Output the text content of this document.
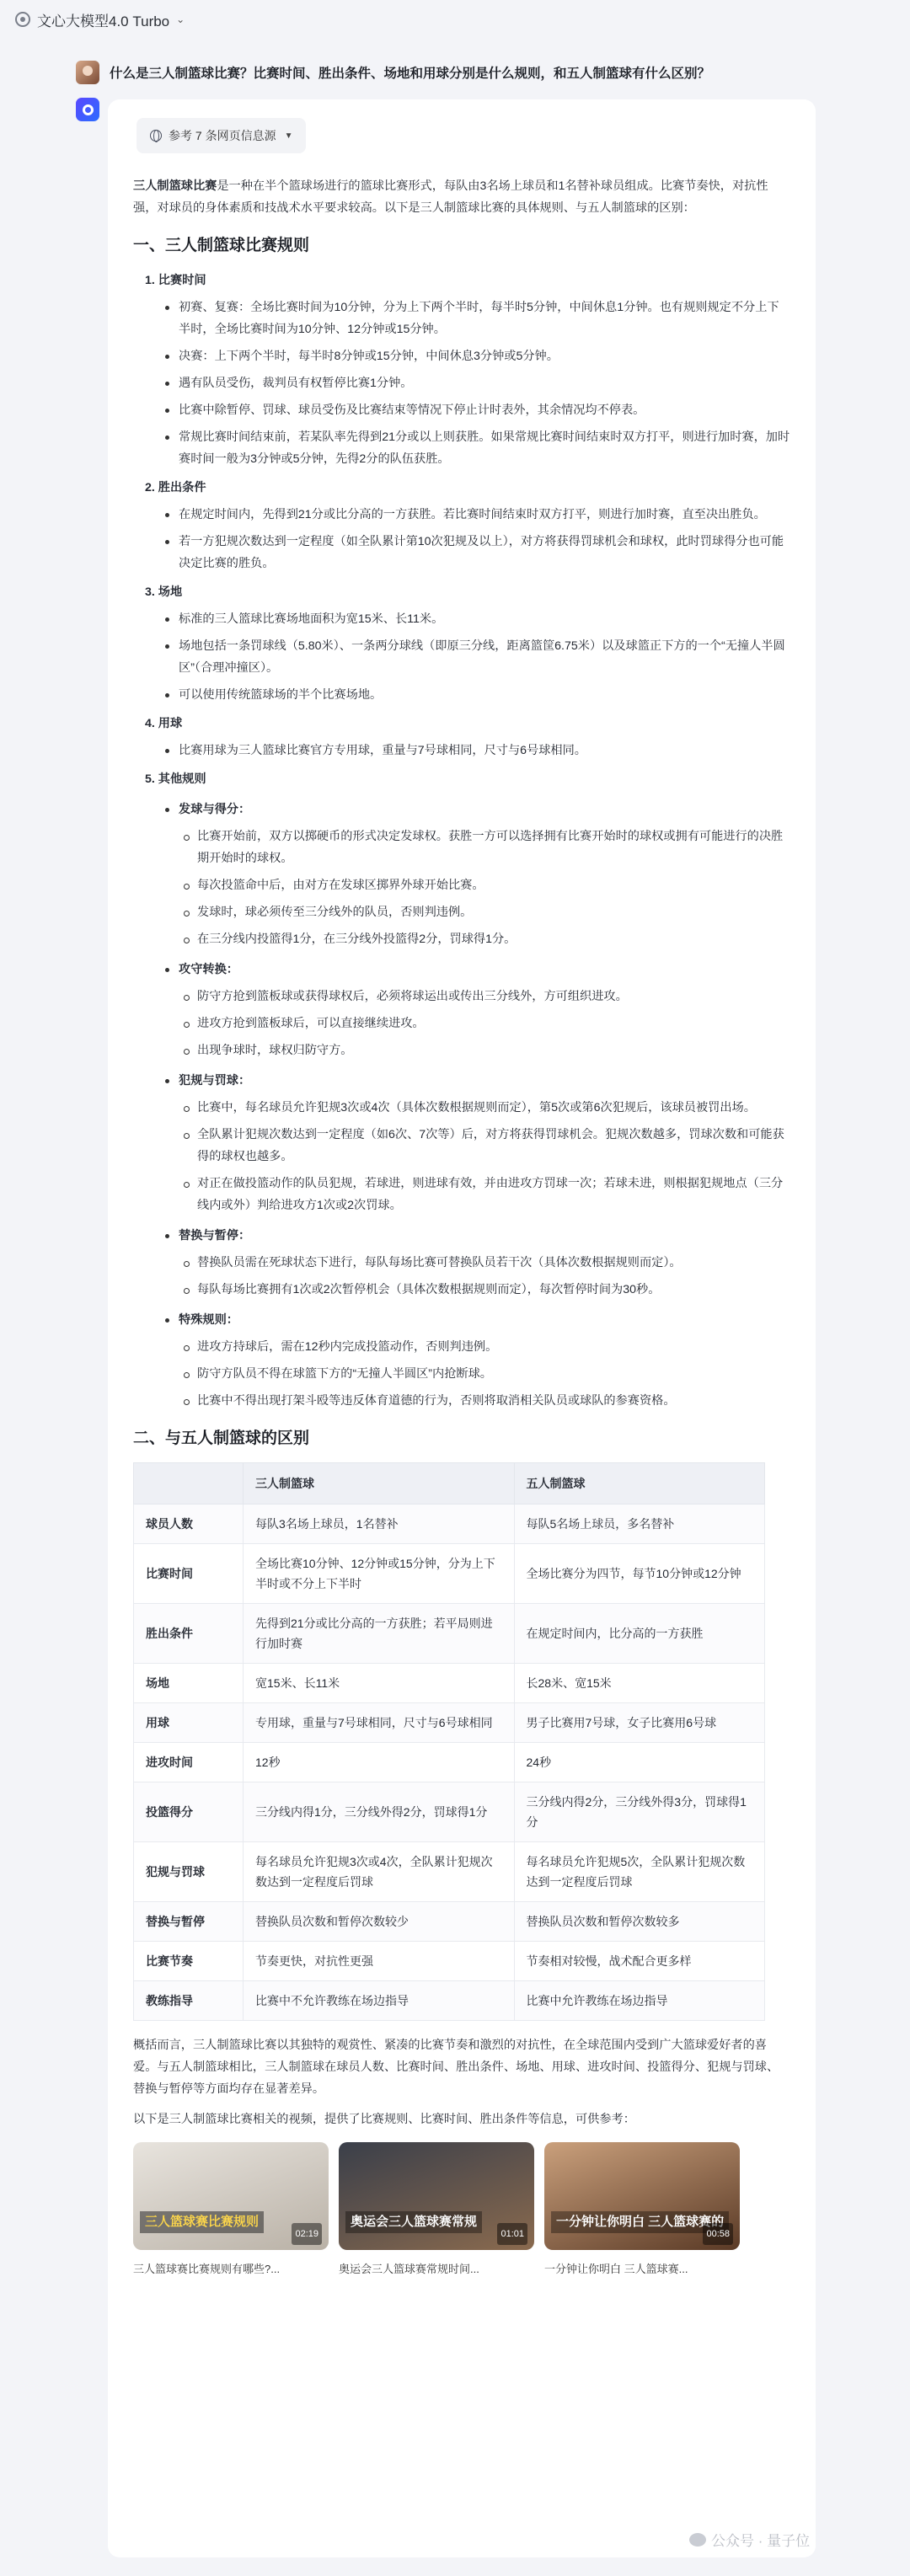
文心大模型4.0 Turbo ⌄
什么是三人制篮球比赛？比赛时间、胜出条件、场地和用球分别是什么规则，和五人制篮球有什么区别？
参考 7 条网页信息源 ▼

三人制篮球比赛是一种在半个篮球场进行的篮球比赛形式，每队由3名场上球员和1名替补球员组成。比赛节奏快，对抗性强，对球员的身体素质和技战术水平要求较高。以下是三人制篮球比赛的具体规则、与五人制篮球的区别：

一、三人制篮球比赛规则
1. 比赛时间
初赛、复赛：全场比赛时间为10分钟，分为上下两个半时，每半时5分钟，中间休息1分钟。也有规则规定不分上下半时，全场比赛时间为10分钟、12分钟或15分钟。
决赛：上下两个半时，每半时8分钟或15分钟，中间休息3分钟或5分钟。
遇有队员受伤，裁判员有权暂停比赛1分钟。
比赛中除暂停、罚球、球员受伤及比赛结束等情况下停止计时表外，其余情况均不停表。
常规比赛时间结束前，若某队率先得到21分或以上则获胜。如果常规比赛时间结束时双方打平，则进行加时赛，加时赛时间一般为3分钟或5分钟，先得2分的队伍获胜。
2. 胜出条件
在规定时间内，先得到21分或比分高的一方获胜。若比赛时间结束时双方打平，则进行加时赛，直至决出胜负。
若一方犯规次数达到一定程度（如全队累计第10次犯规及以上），对方将获得罚球机会和球权，此时罚球得分也可能决定比赛的胜负。
3. 场地
标准的三人篮球比赛场地面积为宽15米、长11米。
场地包括一条罚球线（5.80米）、一条两分球线（即原三分线，距离篮筐6.75米）以及球篮正下方的一个“无撞人半圆区”（合理冲撞区）。
可以使用传统篮球场的半个比赛场地。
4. 用球
比赛用球为三人篮球比赛官方专用球，重量与7号球相同，尺寸与6号球相同。
5. 其他规则
发球与得分：
比赛开始前，双方以掷硬币的形式决定发球权。获胜一方可以选择拥有比赛开始时的球权或拥有可能进行的决胜期开始时的球权。
每次投篮命中后，由对方在发球区掷界外球开始比赛。
发球时，球必须传至三分线外的队员，否则判违例。
在三分线内投篮得1分，在三分线外投篮得2分，罚球得1分。
攻守转换：
防守方抢到篮板球或获得球权后，必须将球运出或传出三分线外，方可组织进攻。
进攻方抢到篮板球后，可以直接继续进攻。
出现争球时，球权归防守方。
犯规与罚球：
比赛中，每名球员允许犯规3次或4次（具体次数根据规则而定），第5次或第6次犯规后，该球员被罚出场。
全队累计犯规次数达到一定程度（如6次、7次等）后，对方将获得罚球机会。犯规次数越多，罚球次数和可能获得的球权也越多。
对正在做投篮动作的队员犯规，若球进，则进球有效，并由进攻方罚球一次；若球未进，则根据犯规地点（三分线内或外）判给进攻方1次或2次罚球。
替换与暂停：
替换队员需在死球状态下进行，每队每场比赛可替换队员若干次（具体次数根据规则而定）。
每队每场比赛拥有1次或2次暂停机会（具体次数根据规则而定），每次暂停时间为30秒。
特殊规则：
进攻方持球后，需在12秒内完成投篮动作，否则判违例。
防守方队员不得在球篮下方的“无撞人半圆区”内抢断球。
比赛中不得出现打架斗殴等违反体育道德的行为，否则将取消相关队员或球队的参赛资格。
二、与五人制篮球的区别
	三人制篮球	五人制篮球
球员人数	每队3名场上球员，1名替补	每队5名场上球员，多名替补
比赛时间	全场比赛10分钟、12分钟或15分钟，分为上下半时或不分上下半时	全场比赛分为四节，每节10分钟或12分钟
胜出条件	先得到21分或比分高的一方获胜；若平局则进行加时赛	在规定时间内，比分高的一方获胜
场地	宽15米、长11米	长28米、宽15米
用球	专用球，重量与7号球相同，尺寸与6号球相同	男子比赛用7号球，女子比赛用6号球
进攻时间	12秒	24秒
投篮得分	三分线内得1分，三分线外得2分，罚球得1分	三分线内得2分，三分线外得3分，罚球得1分
犯规与罚球	每名球员允许犯规3次或4次，全队累计犯规次数达到一定程度后罚球	每名球员允许犯规5次，全队累计犯规次数达到一定程度后罚球
替换与暂停	替换队员次数和暂停次数较少	替换队员次数和暂停次数较多
比赛节奏	节奏更快，对抗性更强	节奏相对较慢，战术配合更多样
教练指导	比赛中不允许教练在场边指导	比赛中允许教练在场边指导

概括而言，三人制篮球比赛以其独特的观赏性、紧凑的比赛节奏和激烈的对抗性，在全球范围内受到广大篮球爱好者的喜爱。与五人制篮球相比，三人制篮球在球员人数、比赛时间、胜出条件、场地、用球、进攻时间、投篮得分、犯规与罚球、替换与暂停等方面均存在显著差异。

以下是三人制篮球比赛相关的视频，提供了比赛规则、比赛时间、胜出条件等信息，可供参考：

三人篮球赛比赛规则
02:19
三人篮球赛比赛规则有哪些?...
奥运会三人篮球赛常规
01:01
奥运会三人篮球赛常规时间...
一分钟让你明白 三人篮球赛的
00:58
一分钟让你明白 三人篮球赛...
公众号 · 量子位
